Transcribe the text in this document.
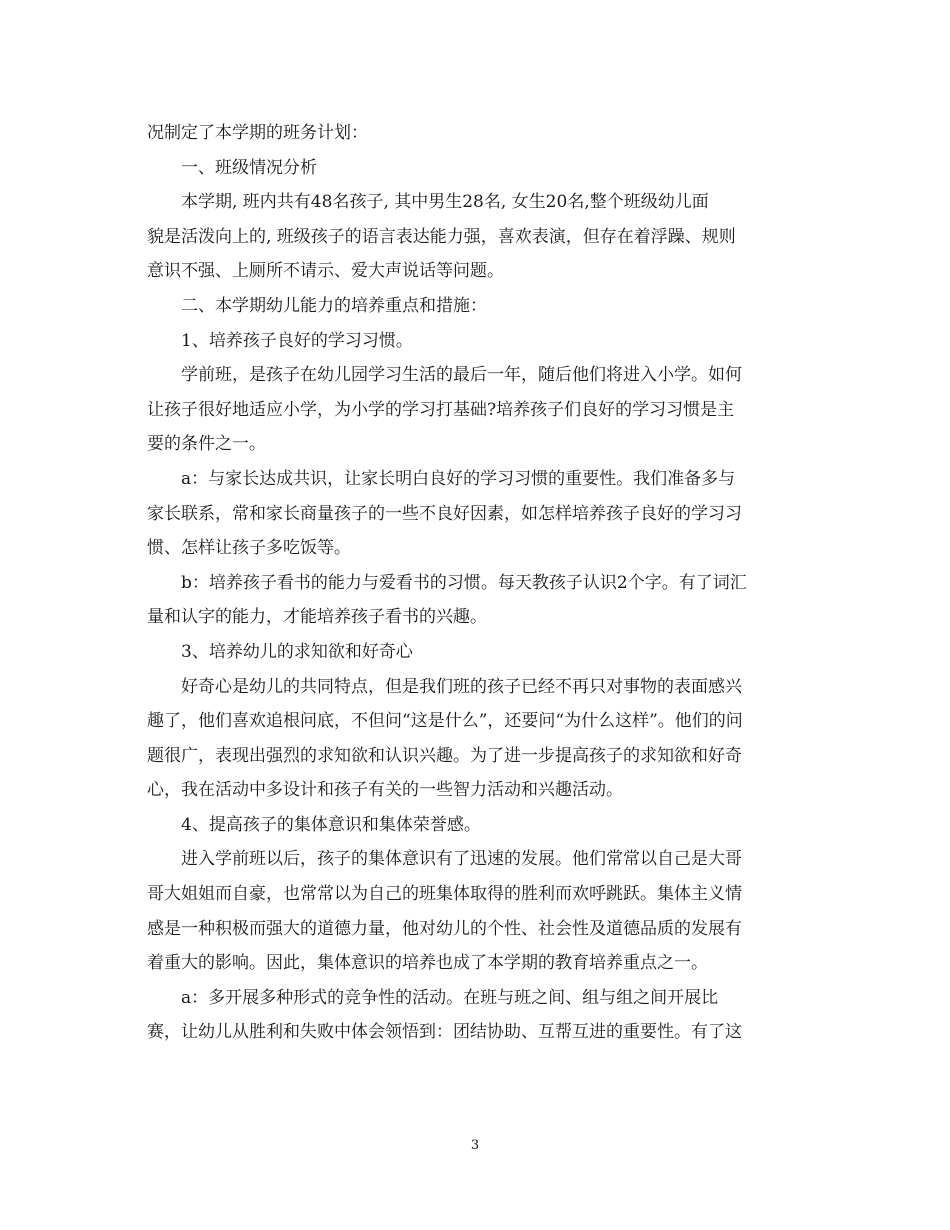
况制定了本学期的班务计划：

一、班级情况分析

本学期, 班内共有48名孩子, 其中男生28名, 女生20名,整个班级幼儿面
貌是活泼向上的, 班级孩子的语言表达能力强，喜欢表演，但存在着浮躁、规则
意识不强、上厕所不请示、爱大声说话等问题。

二、本学期幼儿能力的培养重点和措施：

1、培养孩子良好的学习习惯。

学前班，是孩子在幼儿园学习生活的最后一年，随后他们将进入小学。如何
让孩子很好地适应小学，为小学的学习打基础?培养孩子们良好的学习习惯是主
要的条件之一。

a：与家长达成共识，让家长明白良好的学习习惯的重要性。我们准备多与
家长联系，常和家长商量孩子的一些不良好因素，如怎样培养孩子良好的学习习
惯、怎样让孩子多吃饭等。

b：培养孩子看书的能力与爱看书的习惯。每天教孩子认识2个字。有了词汇
量和认字的能力，才能培养孩子看书的兴趣。

3、培养幼儿的求知欲和好奇心

好奇心是幼儿的共同特点，但是我们班的孩子已经不再只对事物的表面感兴
趣了，他们喜欢追根问底，不但问“这是什么”，还要问“为什么这样”。他们的问
题很广，表现出强烈的求知欲和认识兴趣。为了进一步提高孩子的求知欲和好奇
心，我在活动中多设计和孩子有关的一些智力活动和兴趣活动。

4、提高孩子的集体意识和集体荣誉感。

进入学前班以后，孩子的集体意识有了迅速的发展。他们常常以自己是大哥
哥大姐姐而自豪，也常常以为自己的班集体取得的胜利而欢呼跳跃。集体主义情
感是一种积极而强大的道德力量，他对幼儿的个性、社会性及道德品质的发展有
着重大的影响。因此，集体意识的培养也成了本学期的教育培养重点之一。

a：多开展多种形式的竞争性的活动。在班与班之间、组与组之间开展比
赛，让幼儿从胜利和失败中体会领悟到：团结协助、互帮互进的重要性。有了这

3
